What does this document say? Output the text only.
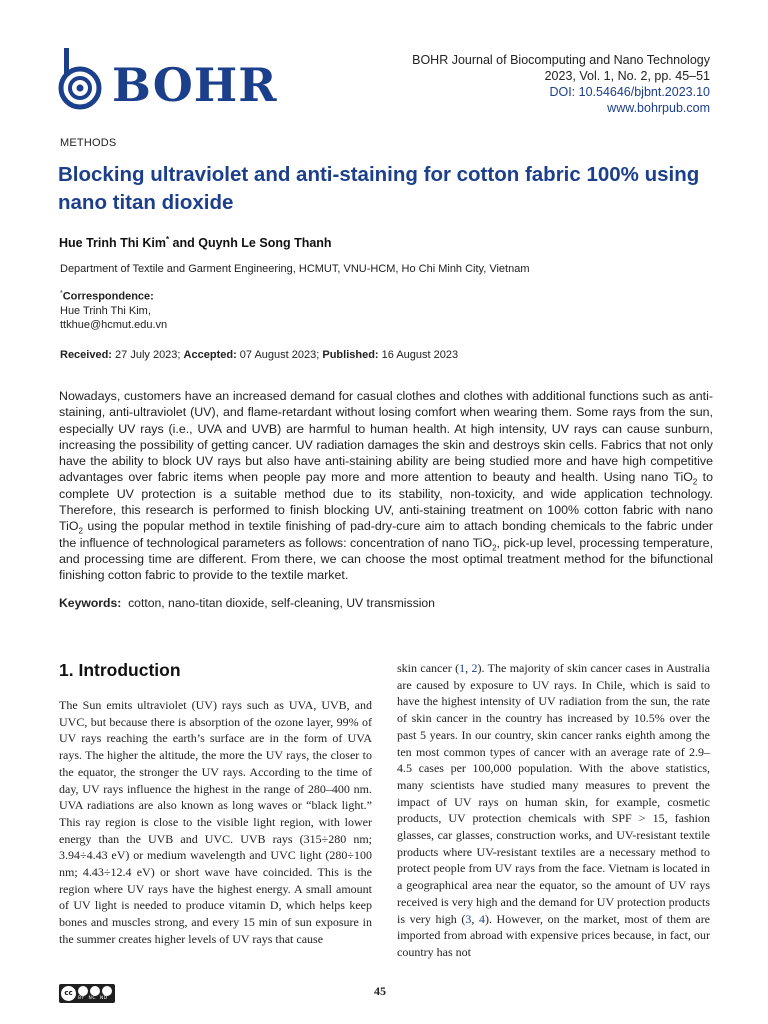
BOHR	BOHR Journal of Biocomputing and Nano Technology
2023, Vol. 1, No. 2, pp. 45–51
DOI: 10.54646/bjbnt.2023.10
www.bohrpub.com
METHODS
Blocking ultraviolet and anti-staining for cotton fabric 100% using nano titan dioxide
Hue Trinh Thi Kim* and Quynh Le Song Thanh
Department of Textile and Garment Engineering, HCMUT, VNU-HCM, Ho Chi Minh City, Vietnam
*Correspondence:
Hue Trinh Thi Kim,
ttkhue@hcmut.edu.vn
Received: 27 July 2023; Accepted: 07 August 2023; Published: 16 August 2023
Nowadays, customers have an increased demand for casual clothes and clothes with additional functions such as anti-staining, anti-ultraviolet (UV), and flame-retardant without losing comfort when wearing them. Some rays from the sun, especially UV rays (i.e., UVA and UVB) are harmful to human health. At high intensity, UV rays can cause sunburn, increasing the possibility of getting cancer. UV radiation damages the skin and destroys skin cells. Fabrics that not only have the ability to block UV rays but also have anti-staining ability are being studied more and have high competitive advantages over fabric items when people pay more and more attention to beauty and health. Using nano TiO$_2$ to complete UV protection is a suitable method due to its stability, non-toxicity, and wide application technology. Therefore, this research is performed to finish blocking UV, anti-staining treatment on 100% cotton fabric with nano TiO$_2$ using the popular method in textile finishing of pad-dry-cure aim to attach bonding chemicals to the fabric under the influence of technological parameters as follows: concentration of nano TiO$_2$, pick-up level, processing temperature, and processing time are different. From there, we can choose the most optimal treatment method for the bifunctional finishing cotton fabric to provide to the textile market.
Keywords:  cotton, nano-titan dioxide, self-cleaning, UV transmission
1. Introduction
The Sun emits ultraviolet (UV) rays such as UVA, UVB, and UVC, but because there is absorption of the ozone layer, 99% of UV rays reaching the earth’s surface are in the form of UVA rays. The higher the altitude, the more the UV rays, the closer to the equator, the stronger the UV rays. According to the time of day, UV rays influence the highest in the range of 280–400 nm. UVA radiations are also known as long waves or “black light.” This ray region is close to the visible light region, with lower energy than the UVB and UVC. UVB rays (315÷280 nm; 3.94÷4.43 eV) or medium wavelength and UVC light (280÷100 nm; 4.43÷12.4 eV) or short wave have coincided. This is the region where UV rays have the highest energy. A small amount of UV light is needed to produce vitamin D, which helps keep bones and muscles strong, and every 15 min of sun exposure in the summer creates higher levels of UV rays that cause
skin cancer (1, 2). The majority of skin cancer cases in Australia are caused by exposure to UV rays. In Chile, which is said to have the highest intensity of UV radiation from the sun, the rate of skin cancer in the country has increased by 10.5% over the past 5 years. In our country, skin cancer ranks eighth among the ten most common types of cancer with an average rate of 2.9–4.5 cases per 100,000 population. With the above statistics, many scientists have studied many measures to prevent the impact of UV rays on human skin, for example, cosmetic products, UV protection chemicals with SPF > 15, fashion glasses, car glasses, construction works, and UV-resistant textile products where UV-resistant textiles are a necessary method to protect people from UV rays from the face. Vietnam is located in a geographical area near the equator, so the amount of UV rays received is very high and the demand for UV protection products is very high (3, 4). However, on the market, most of them are imported from abroad with expensive prices because, in fact, our country has not
cc
BY  NC  ND
45
